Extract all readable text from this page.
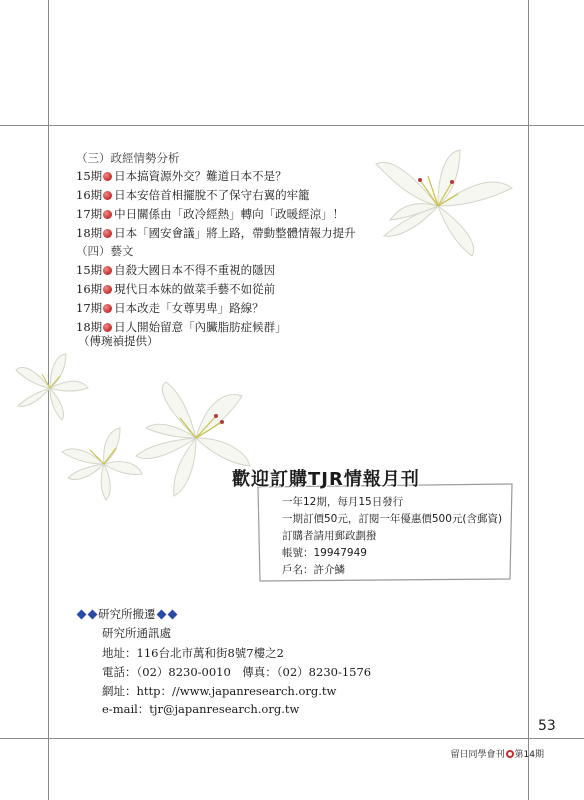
（三）政經情勢分析
15期 日本搞資源外交？難道日本不是？
16期 日本安倍首相擺脫不了保守右翼的牢籠
17期 中日關係由「政冷經熱」轉向「政暖經涼」！
18期 日本「國安會議」將上路，帶動整體情報力提升
（四）藝文
15期 自殺大國日本不得不重視的隱因
16期 現代日本妹的做菜手藝不如從前
17期 日本改走「女尊男卑」路線？
18期 日人開始留意「內臟脂肪症候群」
（傅琬禎提供）
歡迎訂購TJR情報月刊
一年12期，每月15日發行
一期訂價50元，訂閱一年優惠價500元(含郵資)
訂購者請用郵政劃撥
帳號：19947949
戶名：許介鱗
研究所搬遷
研究所通訊處
地址：116台北市萬和街8號7樓之2
電話：（02）8230-0010　傳真：（02）8230-1576
網址：http：//www.japanresearch.org.tw
e-mail：tjr@japanresearch.org.tw
53
留日同學會刊 第14期
